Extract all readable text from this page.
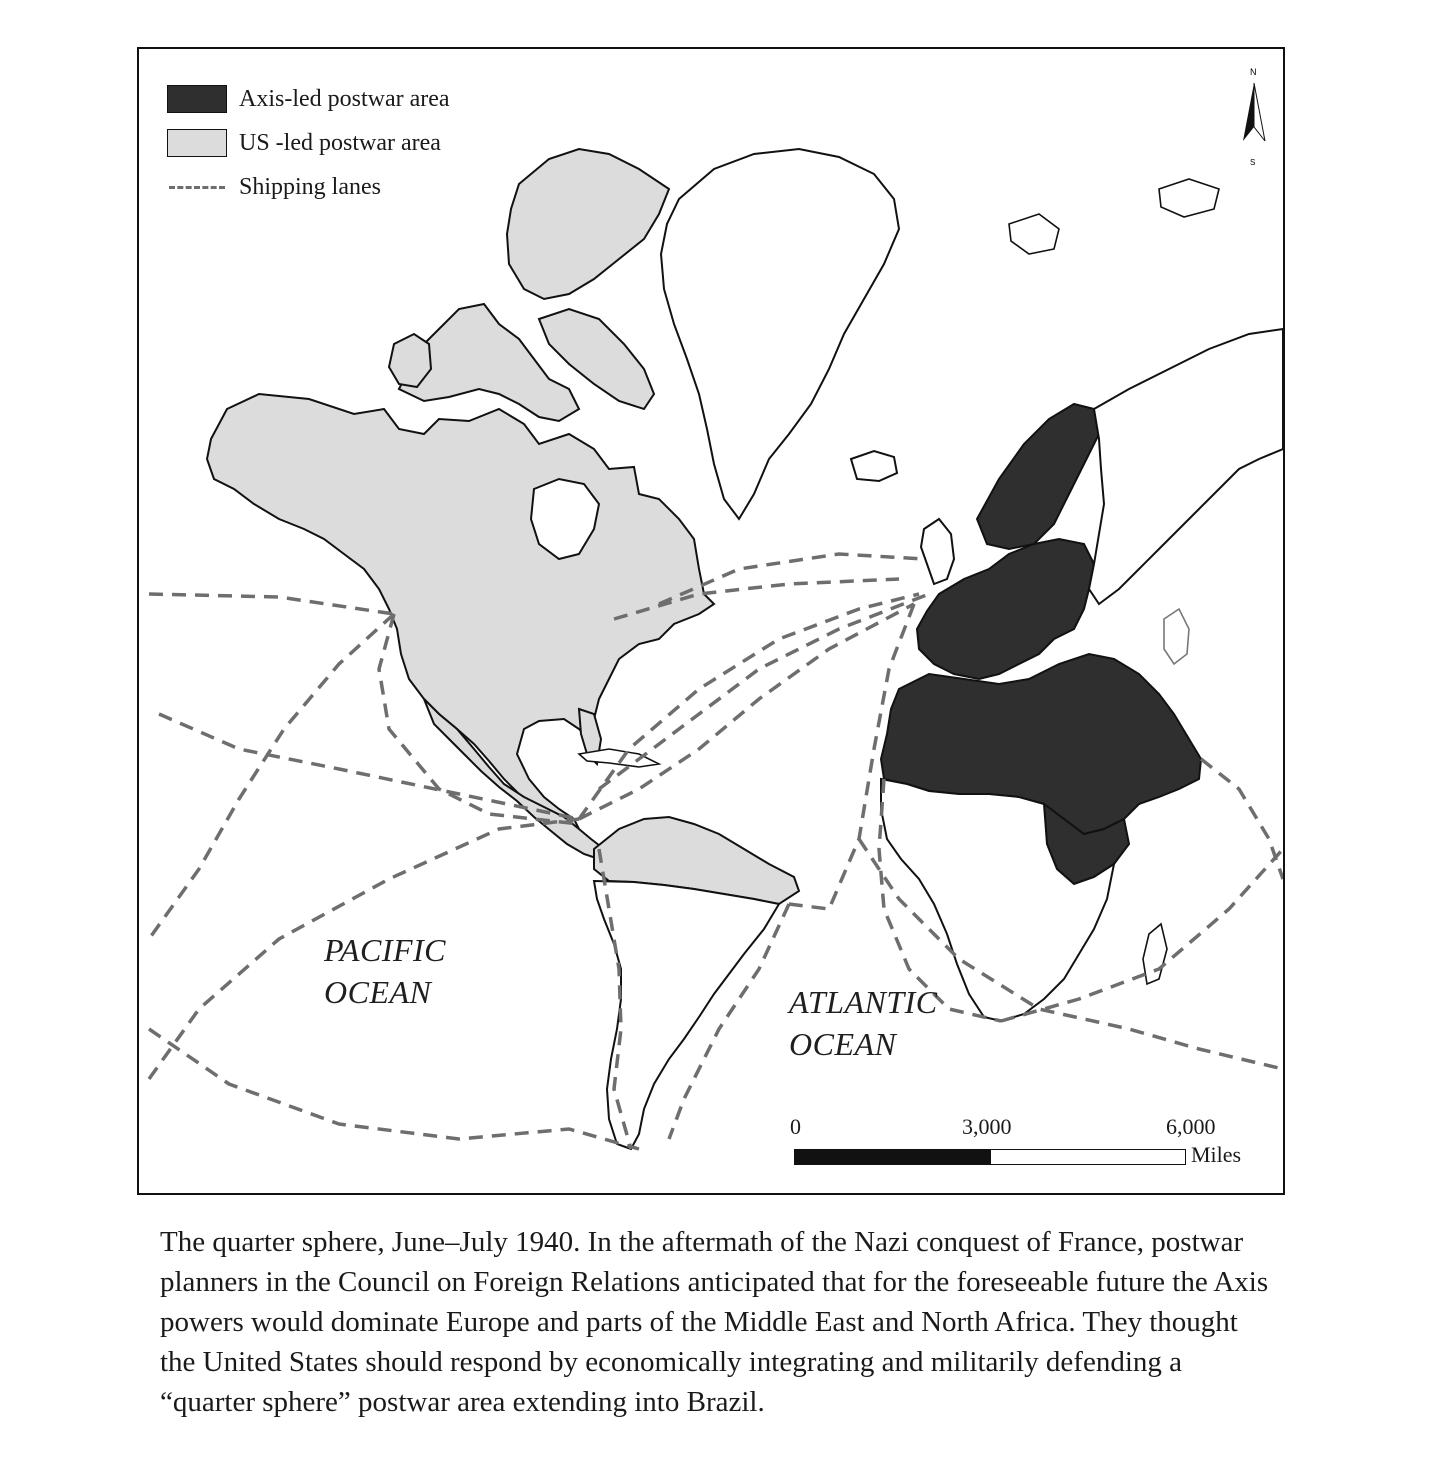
Axis-led postwar area
US -led postwar area
Shipping lanes
N
S
PACIFIC
OCEAN	ATLANTIC
OCEAN
0	3,000	6,000
Miles
The quarter sphere, June–July 1940. In the aftermath of the Nazi conquest of France, postwar planners in the Council on Foreign Relations anticipated that for the foreseeable future the Axis powers would dominate Europe and parts of the Middle East and North Africa. They thought the United States should respond by economically integrating and militarily defending a “quarter sphere” postwar area extending into Brazil.
